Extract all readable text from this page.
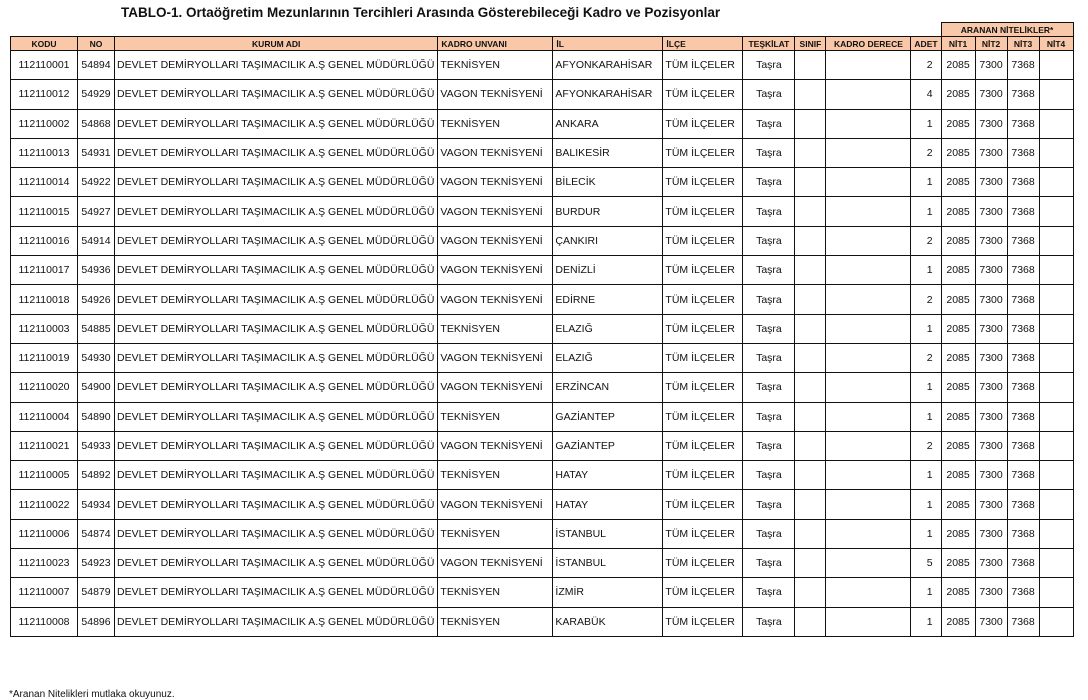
TABLO-1. Ortaöğretim Mezunlarının Tercihleri Arasında Gösterebileceği Kadro ve Pozisyonlar
										ARANAN NİTELİKLER*			
KODU	NO	KURUM ADI	KADRO UNVANI	İL	İLÇE	TEŞKİLAT	SINIF	KADRO DERECE	ADET	NİT1	NİT2	NİT3	NİT4
112110001	54894	DEVLET DEMİRYOLLARI TAŞIMACILIK A.Ş GENEL MÜDÜRLÜĞÜ	TEKNİSYEN	AFYONKARAHİSAR	TÜM İLÇELER	Taşra			2	2085	7300	7368	
112110012	54929	DEVLET DEMİRYOLLARI TAŞIMACILIK A.Ş GENEL MÜDÜRLÜĞÜ	VAGON TEKNİSYENİ	AFYONKARAHİSAR	TÜM İLÇELER	Taşra			4	2085	7300	7368	
112110002	54868	DEVLET DEMİRYOLLARI TAŞIMACILIK A.Ş GENEL MÜDÜRLÜĞÜ	TEKNİSYEN	ANKARA	TÜM İLÇELER	Taşra			1	2085	7300	7368	
112110013	54931	DEVLET DEMİRYOLLARI TAŞIMACILIK A.Ş GENEL MÜDÜRLÜĞÜ	VAGON TEKNİSYENİ	BALIKESİR	TÜM İLÇELER	Taşra			2	2085	7300	7368	
112110014	54922	DEVLET DEMİRYOLLARI TAŞIMACILIK A.Ş GENEL MÜDÜRLÜĞÜ	VAGON TEKNİSYENİ	BİLECİK	TÜM İLÇELER	Taşra			1	2085	7300	7368	
112110015	54927	DEVLET DEMİRYOLLARI TAŞIMACILIK A.Ş GENEL MÜDÜRLÜĞÜ	VAGON TEKNİSYENİ	BURDUR	TÜM İLÇELER	Taşra			1	2085	7300	7368	
112110016	54914	DEVLET DEMİRYOLLARI TAŞIMACILIK A.Ş GENEL MÜDÜRLÜĞÜ	VAGON TEKNİSYENİ	ÇANKIRI	TÜM İLÇELER	Taşra			2	2085	7300	7368	
112110017	54936	DEVLET DEMİRYOLLARI TAŞIMACILIK A.Ş GENEL MÜDÜRLÜĞÜ	VAGON TEKNİSYENİ	DENİZLİ	TÜM İLÇELER	Taşra			1	2085	7300	7368	
112110018	54926	DEVLET DEMİRYOLLARI TAŞIMACILIK A.Ş GENEL MÜDÜRLÜĞÜ	VAGON TEKNİSYENİ	EDİRNE	TÜM İLÇELER	Taşra			2	2085	7300	7368	
112110003	54885	DEVLET DEMİRYOLLARI TAŞIMACILIK A.Ş GENEL MÜDÜRLÜĞÜ	TEKNİSYEN	ELAZIĞ	TÜM İLÇELER	Taşra			1	2085	7300	7368	
112110019	54930	DEVLET DEMİRYOLLARI TAŞIMACILIK A.Ş GENEL MÜDÜRLÜĞÜ	VAGON TEKNİSYENİ	ELAZIĞ	TÜM İLÇELER	Taşra			2	2085	7300	7368	
112110020	54900	DEVLET DEMİRYOLLARI TAŞIMACILIK A.Ş GENEL MÜDÜRLÜĞÜ	VAGON TEKNİSYENİ	ERZİNCAN	TÜM İLÇELER	Taşra			1	2085	7300	7368	
112110004	54890	DEVLET DEMİRYOLLARI TAŞIMACILIK A.Ş GENEL MÜDÜRLÜĞÜ	TEKNİSYEN	GAZİANTEP	TÜM İLÇELER	Taşra			1	2085	7300	7368	
112110021	54933	DEVLET DEMİRYOLLARI TAŞIMACILIK A.Ş GENEL MÜDÜRLÜĞÜ	VAGON TEKNİSYENİ	GAZİANTEP	TÜM İLÇELER	Taşra			2	2085	7300	7368	
112110005	54892	DEVLET DEMİRYOLLARI TAŞIMACILIK A.Ş GENEL MÜDÜRLÜĞÜ	TEKNİSYEN	HATAY	TÜM İLÇELER	Taşra			1	2085	7300	7368	
112110022	54934	DEVLET DEMİRYOLLARI TAŞIMACILIK A.Ş GENEL MÜDÜRLÜĞÜ	VAGON TEKNİSYENİ	HATAY	TÜM İLÇELER	Taşra			1	2085	7300	7368	
112110006	54874	DEVLET DEMİRYOLLARI TAŞIMACILIK A.Ş GENEL MÜDÜRLÜĞÜ	TEKNİSYEN	İSTANBUL	TÜM İLÇELER	Taşra			1	2085	7300	7368	
112110023	54923	DEVLET DEMİRYOLLARI TAŞIMACILIK A.Ş GENEL MÜDÜRLÜĞÜ	VAGON TEKNİSYENİ	İSTANBUL	TÜM İLÇELER	Taşra			5	2085	7300	7368	
112110007	54879	DEVLET DEMİRYOLLARI TAŞIMACILIK A.Ş GENEL MÜDÜRLÜĞÜ	TEKNİSYEN	İZMİR	TÜM İLÇELER	Taşra			1	2085	7300	7368	
112110008	54896	DEVLET DEMİRYOLLARI TAŞIMACILIK A.Ş GENEL MÜDÜRLÜĞÜ	TEKNİSYEN	KARABÜK	TÜM İLÇELER	Taşra			1	2085	7300	7368	
*Aranan Nitelikleri mutlaka okuyunuz.
